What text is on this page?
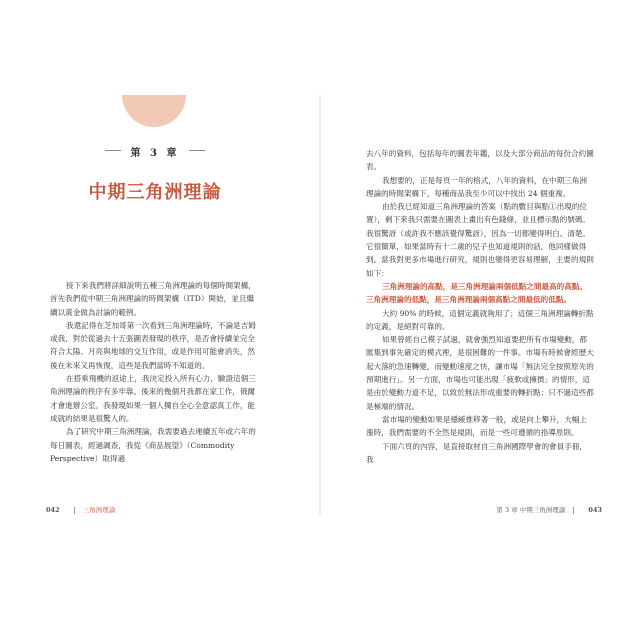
第 3 章
中期三角洲理論

接下來我們將詳細說明五種三角洲理論的每個時間架構，首先我們從中期三角洲理論的時間架構（ITD）開始，並且繼續以黃金做為討論的範例。

我還記得在芝加哥第一次看到三角洲理論時，不論是吉姆或我，對於從過去十五張圖表發現的秩序，是否會持續並完全符合太陽、月亮與地球的交互作用，或是作用可能會消失，然後在未來又再恢復，這些是我們當時不知道的。

在搭乘飛機的返途上，我決定投入所有心力，驗證這個三角洲理論的秩序有多牢靠。後來的幾個月我都在家工作，俄爾才會進辦公室。我發現如果一個人獨自全心全意認真工作，能成就的結果是很驚人的。

為了研究中期三角洲理論，我需要過去連續五年或六年的每日圖表，經過調查，我從《商品展望》（Commodity Perspective）取得過

042	三角洲理論

去八年的資料，包括每年的圖表年鑑，以及大部分商品的每份合約圖表。

我想要的，正是每頁一年的格式，八年的資料，在中期三角洲理論的時間架構下，每種商品我至少可以中找出 24 個重複。

由於我已經知道三角洲理論的答案（點的數目與點①出現的位置），剩下來我只需要在圖表上畫出有色錢條，並且標示點的號碼。我很驚訝（或許我不應該覺得驚訝），因為一切都變得明白、清楚。它很簡單，如果當時有十二歲的兒子也知道規則的話，他同樣做得到。當我對更多市場進行研究，規則也變得更容易理解，主要的規則如下：

三角洲理論的高點，是三角洲理論兩個低點之間最高的高點。三角洲理論的低點，是三角洲理論兩個高點之間最低的低點。

大約 90% 的時候，這個定義就夠用了；這個三角洲理論轉折點的定義，是絕對可靠的。

如果曾經自己模子試過，就會強烈知道要把所有市場變動，都匯集到事先確定的模式裡，是很困難的一件事。市場有時候會經歷大起大落的急速轉變，而變動速度之快，讓市場「無法完全按照原先的預期進行」。另一方面，市場也可能出現「疲軟或擁擠」的情形，這是由於變動力道不足，以致於無法形成重要的轉折點；只不過這些都是極端的情況。

當市場的變動如果是穩緩推移著一般，或是向上攀升，大幅上漲時，我們需要的不全然是規則，而是一些可遵循的指導原則。

下面六頁的內容，是直接取材自三角洲國際學會的會員手冊，我

第 3 章 中期三角洲理論	043
